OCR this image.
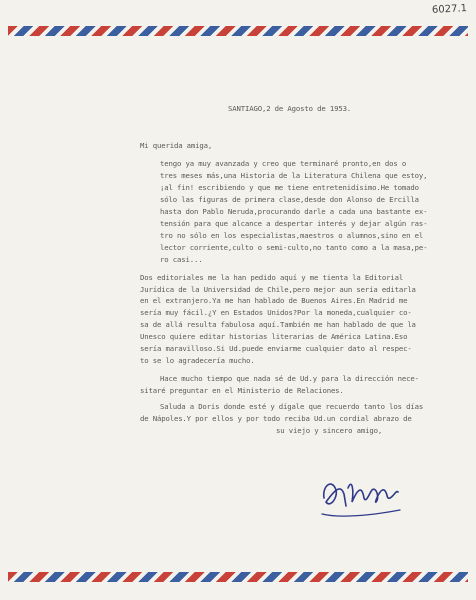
6027.1

SANTIAGO,2 de Agosto de 1953.

Mi querida amiga,

tengo ya muy avanzada y creo que terminaré pronto,en dos o

tres meses más,una Historia de la Literatura Chilena que estoy,

¡al fin! escribiendo y que me tiene entretenidísimo.He tomado

sólo las figuras de primera clase,desde don Alonso de Ercilla

hasta don Pablo Neruda,procurando darle a cada una bastante ex-

tensión para que alcance a despertar interés y dejar algún ras-

tro no sólo en los especialistas,maestros o alumnos,sino en el

lector corriente,culto o semi-culto,no tanto como a la masa,pe-

ro casi...

Dos editoriales me la han pedido aquí y me tienta la Editorial

Jurídica de la Universidad de Chile,pero mejor aun sería editarla

en el extranjero.Ya me han hablado de Buenos Aires.En Madrid me

sería muy fácil.¿Y en Estados Unidos?Por la moneda,cualquier co-

sa de allá resulta fabulosa aquí.También me han hablado de que la

Unesco quiere editar historias literarias de América Latina.Eso

sería maravilloso.Si Ud.puede enviarme cualquier dato al respec-

to se lo agradecería mucho.

Hace mucho tiempo que nada sé de Ud.y para la dirección nece-

sitaré preguntar en el Ministerio de Relaciones.

Saluda a Doris donde esté y dígale que recuerdo tanto los días

de Nápoles.Y por ellos y por todo reciba Ud.un cordial abrazo de

su viejo y sincero amigo,
